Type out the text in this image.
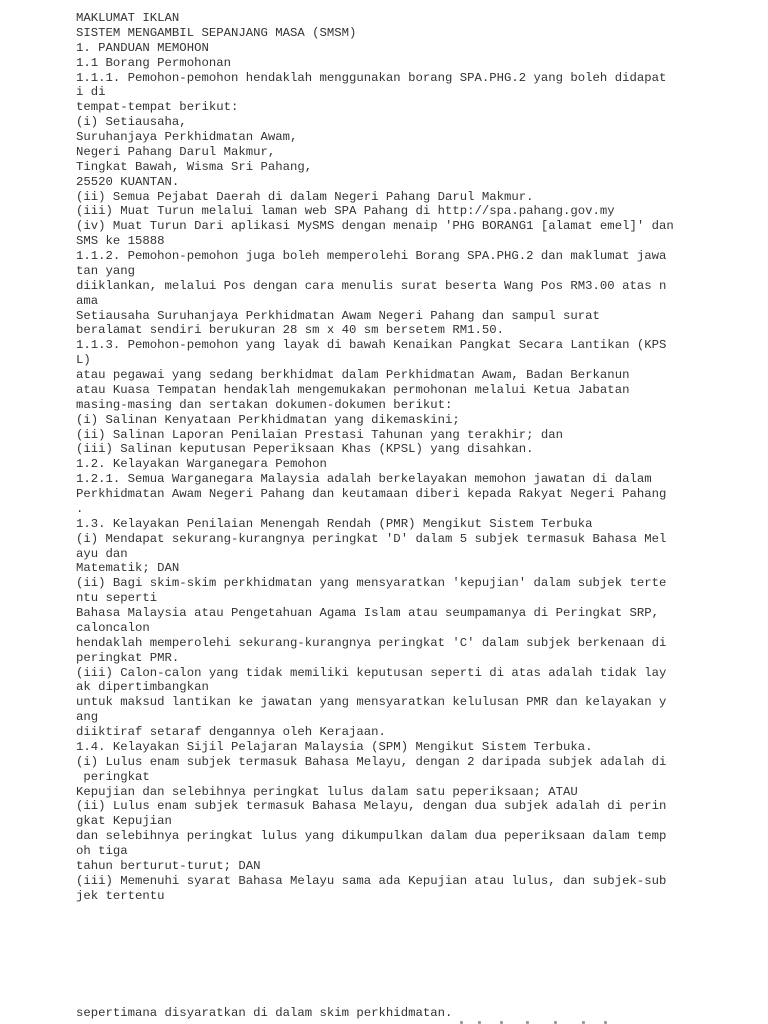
MAKLUMAT IKLAN
SISTEM MENGAMBIL SEPANJANG MASA (SMSM)
1. PANDUAN MEMOHON
1.1 Borang Permohonan
1.1.1. Pemohon-pemohon hendaklah menggunakan borang SPA.PHG.2 yang boleh didapat
i di
tempat-tempat berikut:
(i) Setiausaha,
Suruhanjaya Perkhidmatan Awam,
Negeri Pahang Darul Makmur,
Tingkat Bawah, Wisma Sri Pahang,
25520 KUANTAN.
(ii) Semua Pejabat Daerah di dalam Negeri Pahang Darul Makmur.
(iii) Muat Turun melalui laman web SPA Pahang di http://spa.pahang.gov.my
(iv) Muat Turun Dari aplikasi MySMS dengan menaip 'PHG BORANG1 [alamat emel]' dan
SMS ke 15888
1.1.2. Pemohon-pemohon juga boleh memperolehi Borang SPA.PHG.2 dan maklumat jawa
tan yang
diiklankan, melalui Pos dengan cara menulis surat beserta Wang Pos RM3.00 atas n
ama
Setiausaha Suruhanjaya Perkhidmatan Awam Negeri Pahang dan sampul surat
beralamat sendiri berukuran 28 sm x 40 sm bersetem RM1.50.
1.1.3. Pemohon-pemohon yang layak di bawah Kenaikan Pangkat Secara Lantikan (KPS
L)
atau pegawai yang sedang berkhidmat dalam Perkhidmatan Awam, Badan Berkanun
atau Kuasa Tempatan hendaklah mengemukakan permohonan melalui Ketua Jabatan
masing-masing dan sertakan dokumen-dokumen berikut:
(i) Salinan Kenyataan Perkhidmatan yang dikemaskini;
(ii) Salinan Laporan Penilaian Prestasi Tahunan yang terakhir; dan
(iii) Salinan keputusan Peperiksaan Khas (KPSL) yang disahkan.
1.2. Kelayakan Warganegara Pemohon
1.2.1. Semua Warganegara Malaysia adalah berkelayakan memohon jawatan di dalam
Perkhidmatan Awam Negeri Pahang dan keutamaan diberi kepada Rakyat Negeri Pahang
.
1.3. Kelayakan Penilaian Menengah Rendah (PMR) Mengikut Sistem Terbuka
(i) Mendapat sekurang-kurangnya peringkat 'D' dalam 5 subjek termasuk Bahasa Mel
ayu dan
Matematik; DAN
(ii) Bagi skim-skim perkhidmatan yang mensyaratkan 'kepujian' dalam subjek terte
ntu seperti
Bahasa Malaysia atau Pengetahuan Agama Islam atau seumpamanya di Peringkat SRP,
caloncalon
hendaklah memperolehi sekurang-kurangnya peringkat 'C' dalam subjek berkenaan di
peringkat PMR.
(iii) Calon-calon yang tidak memiliki keputusan seperti di atas adalah tidak lay
ak dipertimbangkan
untuk maksud lantikan ke jawatan yang mensyaratkan kelulusan PMR dan kelayakan y
ang
diiktiraf setaraf dengannya oleh Kerajaan.
1.4. Kelayakan Sijil Pelajaran Malaysia (SPM) Mengikut Sistem Terbuka.
(i) Lulus enam subjek termasuk Bahasa Melayu, dengan 2 daripada subjek adalah di
peringkat
Kepujian dan selebihnya peringkat lulus dalam satu peperiksaan; ATAU
(ii) Lulus enam subjek termasuk Bahasa Melayu, dengan dua subjek adalah di perin
gkat Kepujian
dan selebihnya peringkat lulus yang dikumpulkan dalam dua peperiksaan dalam temp
oh tiga
tahun berturut-turut; DAN
(iii) Memenuhi syarat Bahasa Melayu sama ada Kepujian atau lulus, dan subjek-sub
jek tertentu
sepertimana disyaratkan di dalam skim perkhidmatan.
